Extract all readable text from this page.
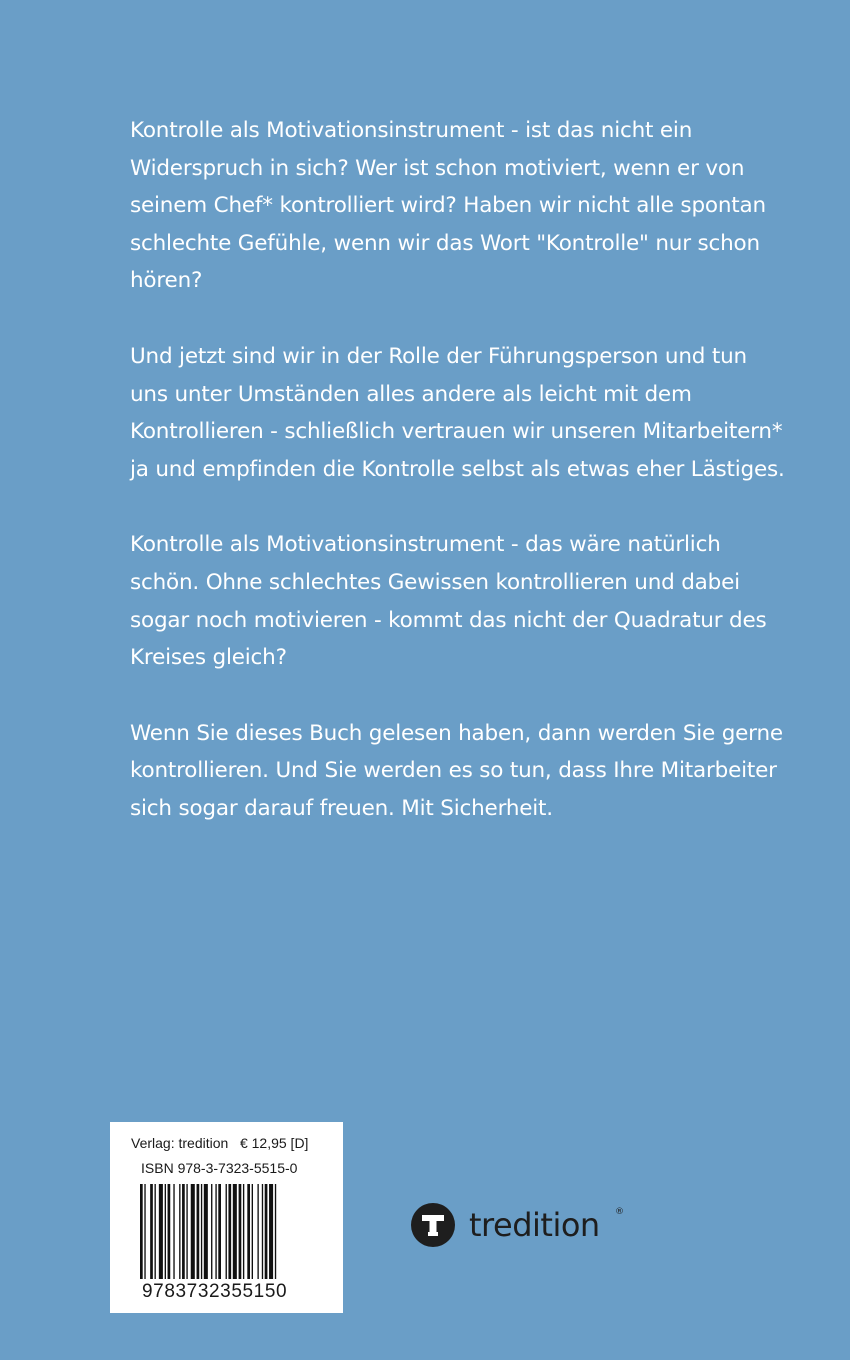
Kontrolle als Motivationsinstrument - ist das nicht ein Widerspruch in sich? Wer ist schon motiviert, wenn er von seinem Chef* kontrolliert wird? Haben wir nicht alle spontan schlechte Gefühle, wenn wir das Wort "Kontrolle" nur schon hören?

Und jetzt sind wir in der Rolle der Führungsperson und tun uns unter Umständen alles andere als leicht mit dem Kontrollieren - schließlich vertrauen wir unseren Mitarbeitern* ja und empfinden die Kontrolle selbst als etwas eher Lästiges.

Kontrolle als Motivationsinstrument - das wäre natürlich schön. Ohne schlechtes Gewissen kontrollieren und dabei sogar noch motivieren - kommt das nicht der Quadratur des Kreises gleich?

Wenn Sie dieses Buch gelesen haben, dann werden Sie gerne kontrollieren. Und Sie werden es so tun, dass Ihre Mitarbeiter sich sogar darauf freuen. Mit Sicherheit.

Verlag: tredition   € 12,95 [D]
ISBN 978-3-7323-5515-0
9783732355150
tredition ®
